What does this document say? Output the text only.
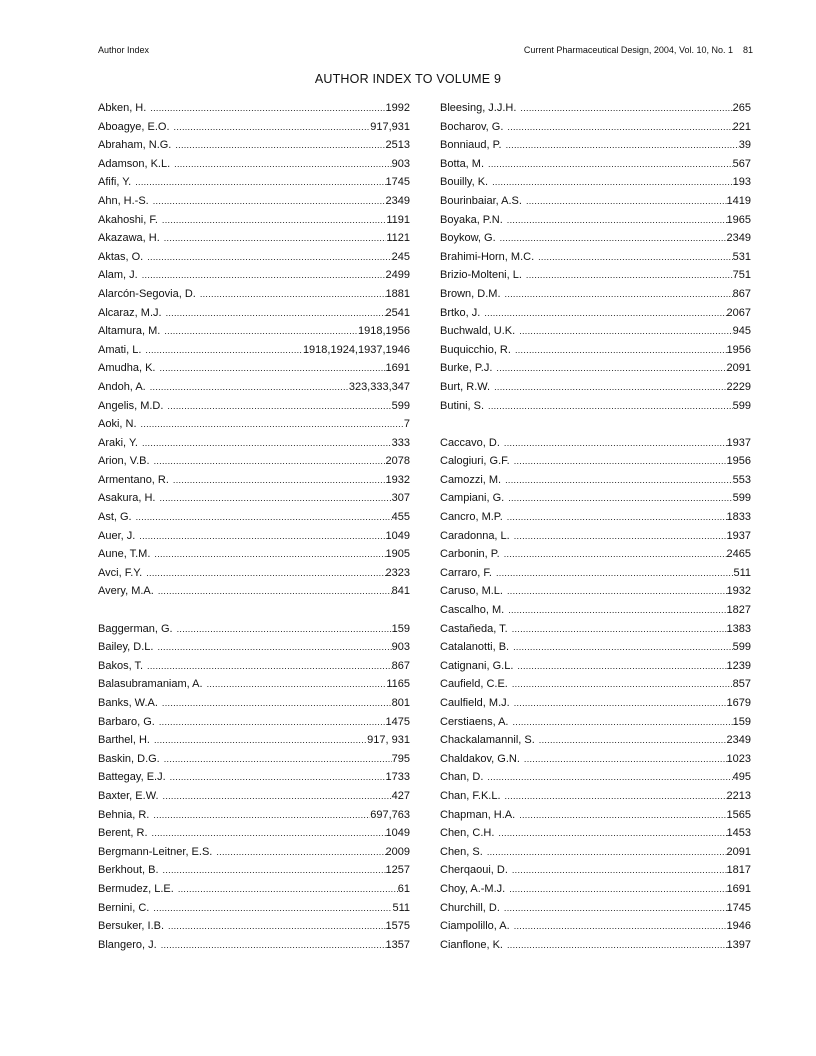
Author Index	Current Pharmaceutical Design, 2004, Vol. 10, No. 1    81
AUTHOR INDEX TO VOLUME 9
Abken, H. .....	1992
Aboagye, E.O. .....	917,931
Abraham, N.G. .....	2513
Adamson, K.L. .....	903
Afifi, Y. .....	1745
Ahn, H.-S. .....	2349
Akahoshi, F. .....	1191
Akazawa, H. .....	1121
Aktas, O. .....	245
Alam, J. .....	2499
Alarcón-Segovia, D. .....	1881
Alcaraz, M.J. .....	2541
Altamura, M. .....	1918,1956
Amati, L. .....	1918,1924,1937,1946
Amudha, K. .....	1691
Andoh, A. .....	323,333,347
Angelis, M.D. .....	599
Aoki, N. .....	7
Araki, Y. .....	333
Arion, V.B. .....	2078
Armentano, R. .....	1932
Asakura, H. .....	307
Ast, G. .....	455
Auer, J. .....	1049
Aune, T.M. .....	1905
Avci, F.Y. .....	2323
Avery, M.A. .....	841
Baggerman, G. .....	159
Bailey, D.L. .....	903
Bakos, T. .....	867
Balasubramaniam, A. .....	1165
Banks, W.A. .....	801
Barbaro, G. .....	1475
Barthel, H. .....	917, 931
Baskin, D.G. .....	795
Battegay, E.J. .....	1733
Baxter, E.W. .....	427
Behnia, R. .....	697,763
Berent, R. .....	1049
Bergmann-Leitner, E.S. .....	2009
Berkhout, B. .....	1257
Bermudez, L.E. .....	61
Bernini, C. .....	511
Bersuker, I.B. .....	1575
Blangero, J. .....	1357
Bleesing, J.J.H. .....	265
Bocharov, G. .....	221
Bonniaud, P. .....	39
Botta, M. .....	567
Bouilly, K. .....	193
Bourinbaiar, A.S. .....	1419
Boyaka, P.N. .....	1965
Boykow, G. .....	2349
Brahimi-Horn, M.C. .....	531
Brizio-Molteni, L. .....	751
Brown, D.M. .....	867
Brtko, J. .....	2067
Buchwald, U.K. .....	945
Buquicchio, R. .....	1956
Burke, P.J. .....	2091
Burt, R.W. .....	2229
Butini, S. .....	599
Caccavo, D. .....	1937
Calogiuri, G.F. .....	1956
Camozzi, M. .....	553
Campiani, G. .....	599
Cancro, M.P. .....	1833
Caradonna, L. .....	1937
Carbonin, P. .....	2465
Carraro, F. .....	511
Caruso, M.L. .....	1932
Cascalho, M. .....	1827
Castañeda, T. .....	1383
Catalanotti, B. .....	599
Catignani, G.L. .....	1239
Caufield, C.E. .....	857
Caulfield, M.J. .....	1679
Cerstiaens, A. .....	159
Chackalamannil, S. .....	2349
Chaldakov, G.N. .....	1023
Chan, D. .....	495
Chan, F.K.L. .....	2213
Chapman, H.A. .....	1565
Chen, C.H. .....	1453
Chen, S. .....	2091
Cherqaoui, D. .....	1817
Choy, A.-M.J. .....	1691
Churchill, D. .....	1745
Ciampolillo, A. .....	1946
Cianflone, K. .....	1397
